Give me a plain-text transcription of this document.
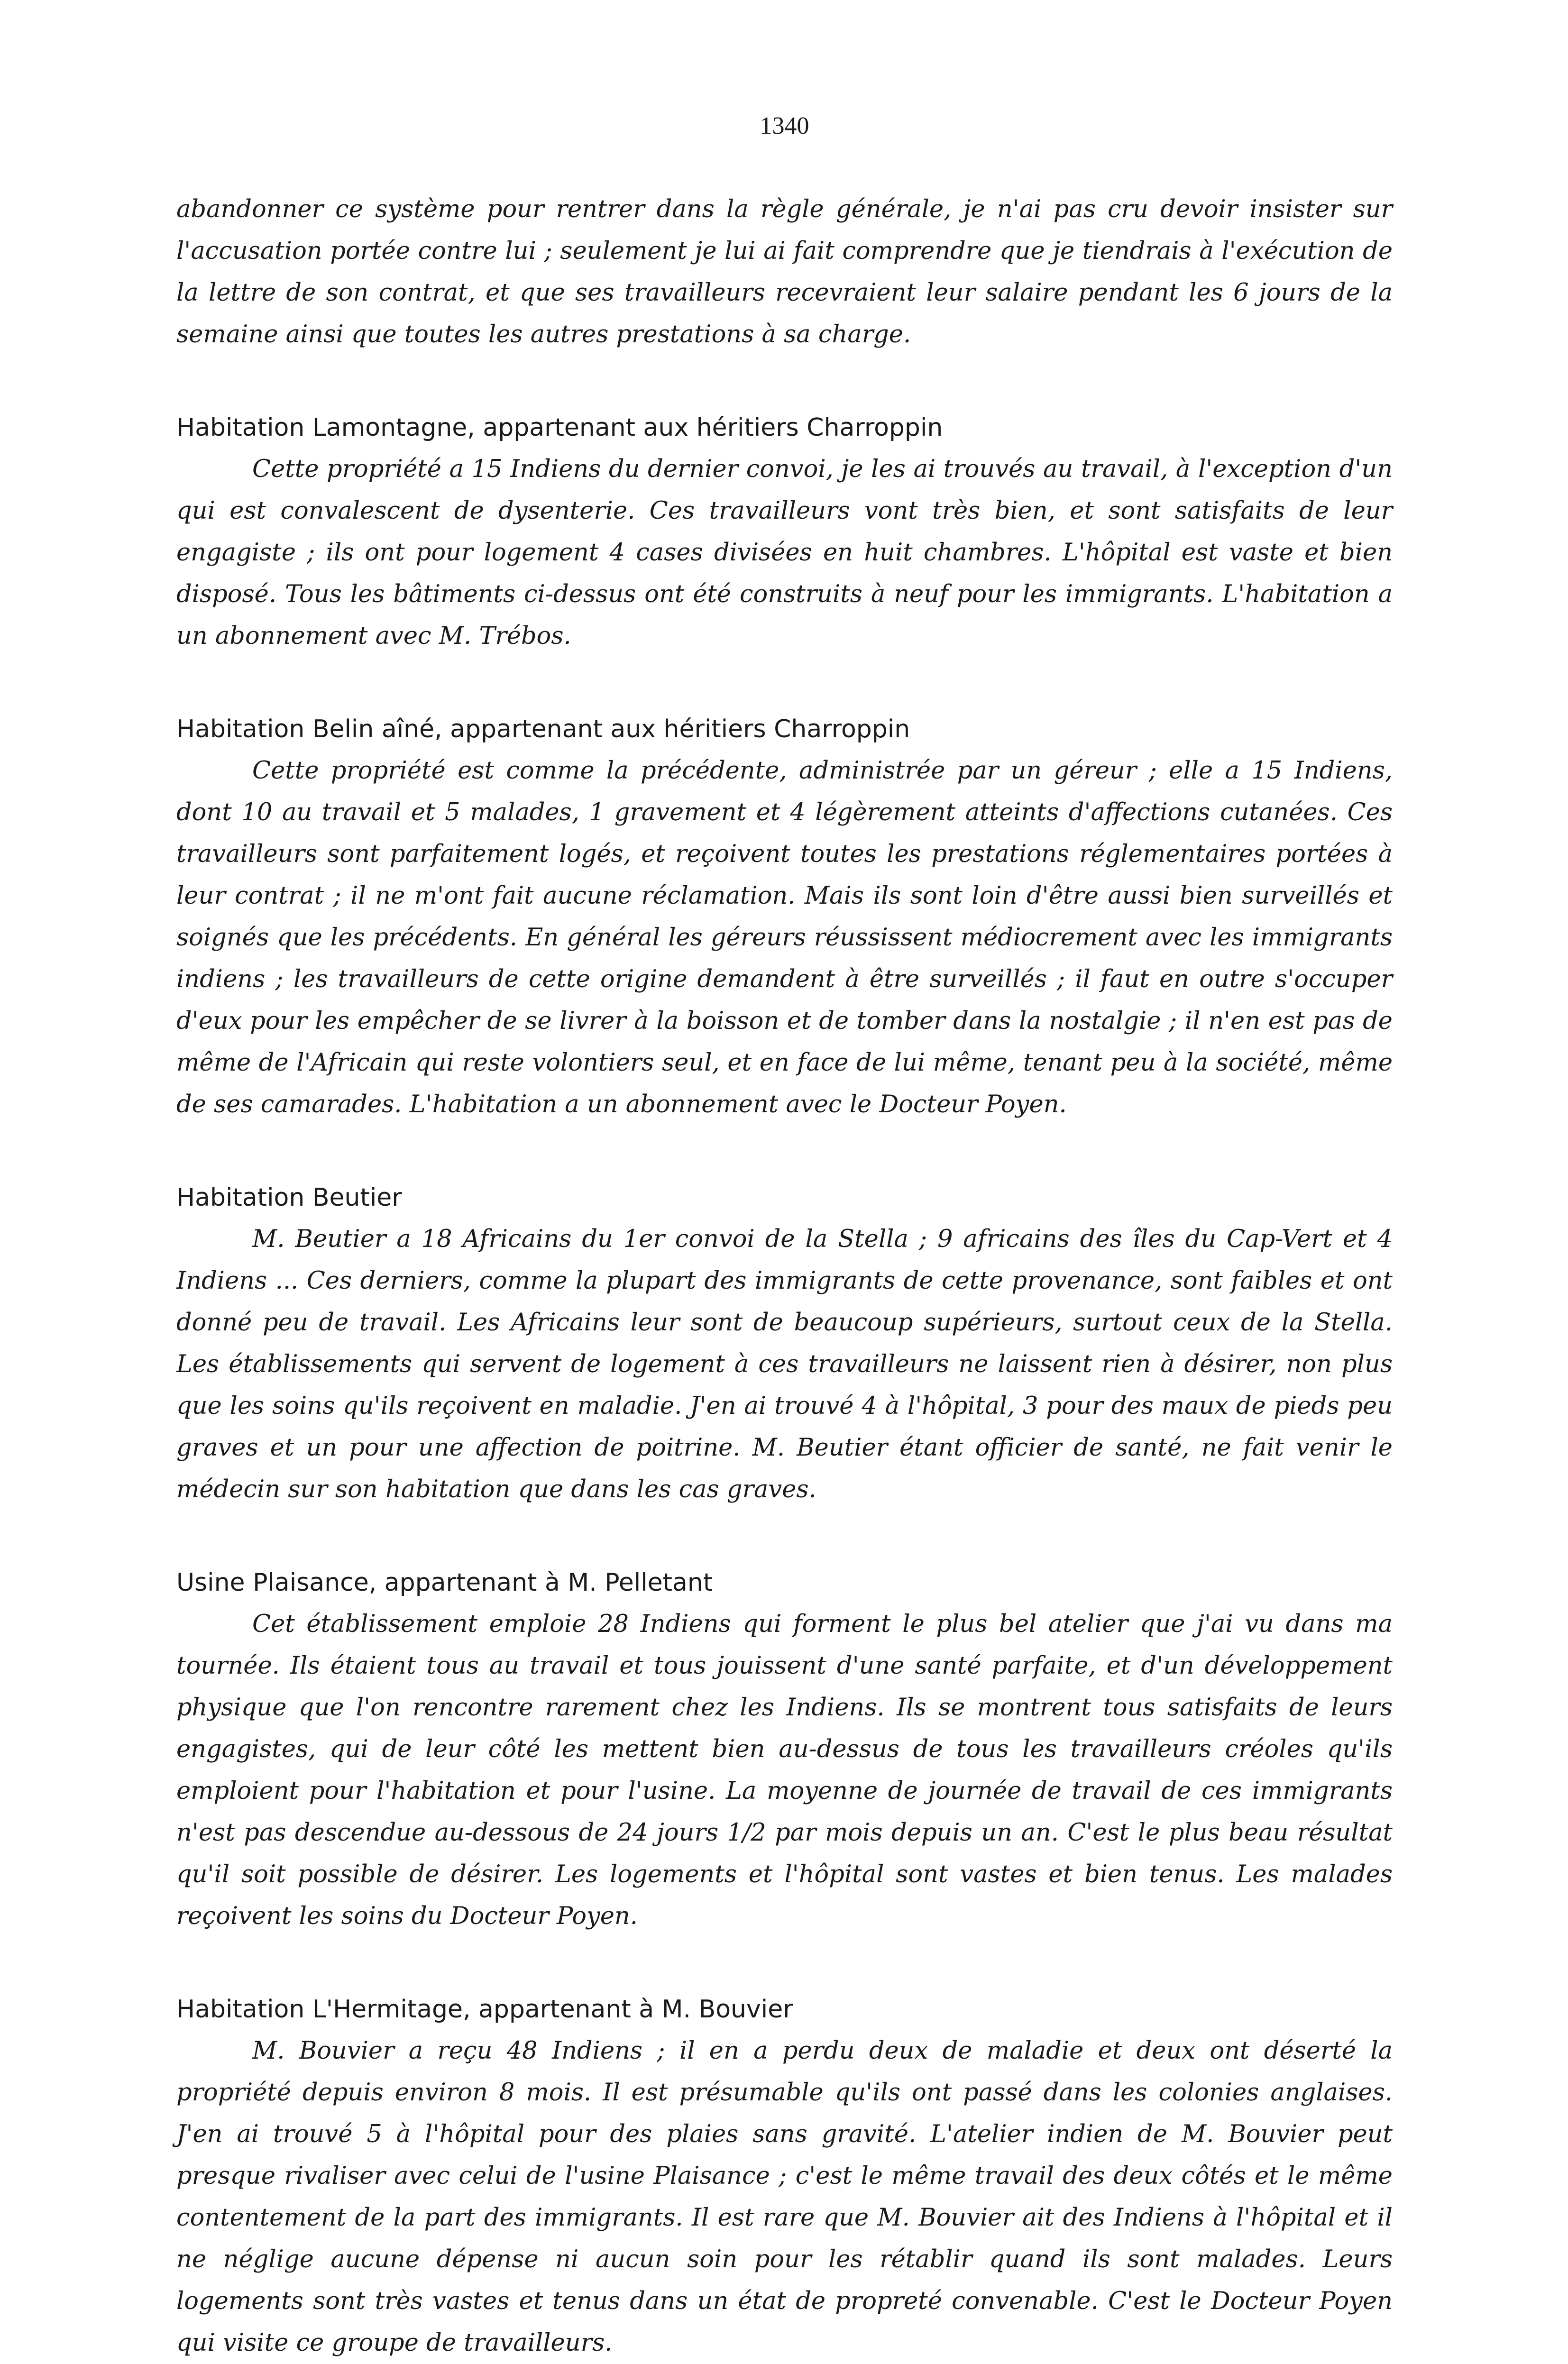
1340

abandonner ce système pour rentrer dans la règle générale, je n'ai pas cru devoir insister sur l'accusation portée contre lui ; seulement je lui ai fait comprendre que je tiendrais à l'exécution de la lettre de son contrat, et que ses travailleurs recevraient leur salaire pendant les 6 jours de la semaine ainsi que toutes les autres prestations à sa charge.

Habitation Lamontagne, appartenant aux héritiers Charroppin

Cette propriété a 15 Indiens du dernier convoi, je les ai trouvés au travail, à l'exception d'un qui est convalescent de dysenterie. Ces travailleurs vont très bien, et sont satisfaits de leur engagiste ; ils ont pour logement 4 cases divisées en huit chambres. L'hôpital est vaste et bien disposé. Tous les bâtiments ci-dessus ont été construits à neuf pour les immigrants. L'habitation a un abonnement avec M. Trébos.

Habitation Belin aîné, appartenant aux héritiers Charroppin

Cette propriété est comme la précédente, administrée par un géreur ; elle a 15 Indiens, dont 10 au travail et 5 malades, 1 gravement et 4 légèrement atteints d'affections cutanées. Ces travailleurs sont parfaitement logés, et reçoivent toutes les prestations réglementaires portées à leur contrat ; il ne m'ont fait aucune réclamation. Mais ils sont loin d'être aussi bien surveillés et soignés que les précédents. En général les géreurs réussissent médiocrement avec les immigrants indiens ; les travailleurs de cette origine demandent à être surveillés ; il faut en outre s'occuper d'eux pour les empêcher de se livrer à la boisson et de tomber dans la nostalgie ; il n'en est pas de même de l'Africain qui reste volontiers seul, et en face de lui même, tenant peu à la société, même de ses camarades. L'habitation a un abonnement avec le Docteur Poyen.

Habitation Beutier

M. Beutier a 18 Africains du 1er convoi de la Stella ; 9 africains des îles du Cap-Vert et 4 Indiens ... Ces derniers, comme la plupart des immigrants de cette provenance, sont faibles et ont donné peu de travail. Les Africains leur sont de beaucoup supérieurs, surtout ceux de la Stella. Les établissements qui servent de logement à ces travailleurs ne laissent rien à désirer, non plus que les soins qu'ils reçoivent en maladie. J'en ai trouvé 4 à l'hôpital, 3 pour des maux de pieds peu graves et un pour une affection de poitrine. M. Beutier étant officier de santé, ne fait venir le médecin sur son habitation que dans les cas graves.

Usine Plaisance, appartenant à M. Pelletant

Cet établissement emploie 28 Indiens qui forment le plus bel atelier que j'ai vu dans ma tournée. Ils étaient tous au travail et tous jouissent d'une santé parfaite, et d'un développement physique que l'on rencontre rarement chez les Indiens. Ils se montrent tous satisfaits de leurs engagistes, qui de leur côté les mettent bien au-dessus de tous les travailleurs créoles qu'ils emploient pour l'habitation et pour l'usine. La moyenne de journée de travail de ces immigrants n'est pas descendue au-dessous de 24 jours 1/2 par mois depuis un an. C'est le plus beau résultat qu'il soit possible de désirer. Les logements et l'hôpital sont vastes et bien tenus. Les malades reçoivent les soins du Docteur Poyen.

Habitation L'Hermitage, appartenant à M. Bouvier

M. Bouvier a reçu 48 Indiens ; il en a perdu deux de maladie et deux ont déserté la propriété depuis environ 8 mois. Il est présumable qu'ils ont passé dans les colonies anglaises. J'en ai trouvé 5 à l'hôpital pour des plaies sans gravité. L'atelier indien de M. Bouvier peut presque rivaliser avec celui de l'usine Plaisance ; c'est le même travail des deux côtés et le même contentement de la part des immigrants. Il est rare que M. Bouvier ait des Indiens à l'hôpital et il ne néglige aucune dépense ni aucun soin pour les rétablir quand ils sont malades. Leurs logements sont très vastes et tenus dans un état de propreté convenable. C'est le Docteur Poyen qui visite ce groupe de travailleurs.
